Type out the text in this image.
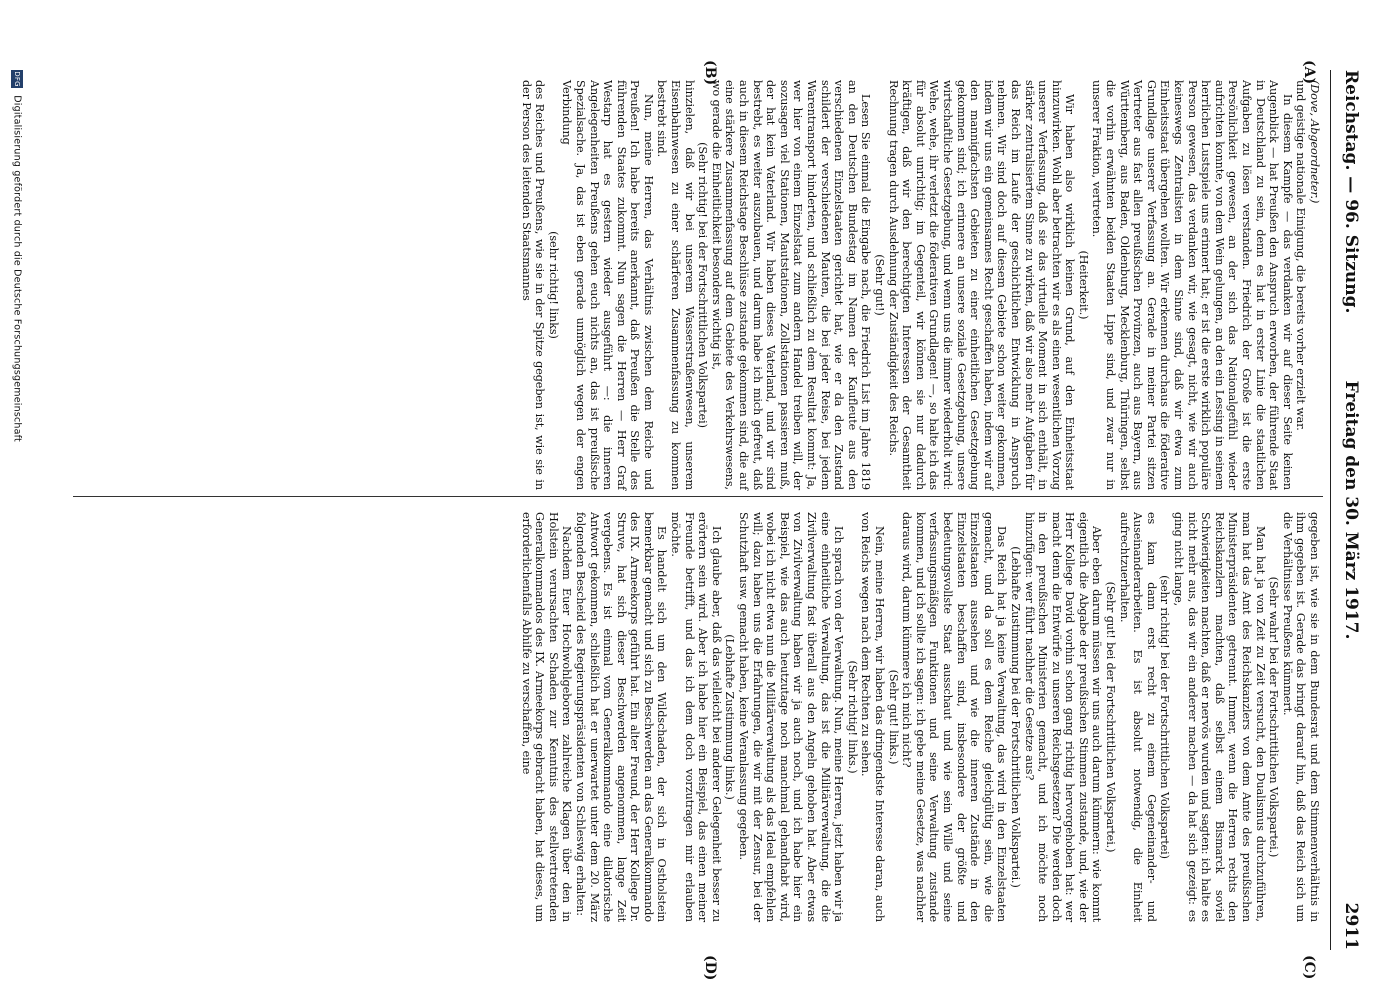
Reichstag. — 96. Sitzung.
Freitag den 30. März 1917.
2911
(A)
(B)
(C)
(D)

(Dove, Abgeordneter.)

und geistige nationale Einigung, die bereits vorher erzielt war.

In diesem Kampfe — das verdanken wir auf dieser Seite keinen Augenblick — hat Preußen den Anspruch erworben, der führende Staat in Deutschland zu sein, denn es hat in erster Linie die staatlichen Aufgaben zu lösen verstanden. Friedrich der Große ist die erste Persönlichkeit gewesen, an der sich das Nationalgefühl wieder aufrichten konnte, von dem Wein gelungen, an den ein Lessing in seinem herrlichen Lustspiele uns erinnert hat; er ist die erste wirklich populäre Person gewesen, das verdanken wir, wie gesagt, nicht, wie wir auch keineswegs Zentralisten in dem Sinne sind, daß wir etwa zum Einheitsstaat übergehen wollten. Wir erkennen durchaus die föderative Grundlage unserer Verfassung an. Gerade in meiner Partei sitzen Vertreter aus fast allen preußischen Provinzen, auch aus Bayern, aus Württemberg, aus Baden, Oldenburg, Mecklenburg, Thüringen, selbst die vorhin erwähnten beiden Staaten Lippe sind, und zwar nur in unserer Fraktion, vertreten.

(Heiterkeit.)

Wir haben also wirklich keinen Grund, auf den Einheitsstaat hinzuwirken. Wohl aber betrachten wir es als einen wesentlichen Vorzug unserer Verfassung, daß sie das virtuelle Moment in sich enthält, in stärker zentralisiertem Sinne zu wirken, daß wir also mehr Aufgaben für das Reich im Laufe der geschichtlichen Entwicklung in Anspruch nehmen. Wir sind doch auf diesem Gebiete schon weiter gekommen, indem wir uns ein gemeinsames Recht geschaffen haben, indem wir auf den mannigfachsten Gebieten zu einer einheitlichen Gesetzgebung gekommen sind; ich erinnere an unsere soziale Gesetzgebung, unsere wirtschaftliche Gesetzgebung, und wenn uns die immer wiederholt wird: Wehe, wehe, ihr verletzt die föderativen Grundlagen! —, so halte ich das für absolut unrichtig; im Gegenteil, wir können sie nur dadurch kräftigen, daß wir den berechtigten Interessen der Gesamtheit Rechnung tragen durch Ausdehnung der Zuständigkeit des Reichs.

(Sehr gut!)

Lesen Sie einmal die Eingabe nach, die Friedrich List im Jahre 1819 an den Deutschen Bundestag im Namen der Kaufleute aus den verschiedenen Einzelstaaten gerichtet hat, wie er da den Zustand schildert der verschiedenen Mauten, die bei jeder Reise, bei jedem Warentransport hinderten, und schließlich zu dem Resultat kommt: Ja, wer hier von einem Einzelstaat zum andern Handel treiben will, der sozusagen viel Stationen, Mautstationen, Zollstationen passieren muß, der hat kein Vaterland. Wir haben dieses Vaterland, und wir sind bestrebt, es weiter auszubauen, und darum habe ich mich gefreut, daß auch in diesem Reichstage Beschlüsse zustande gekommen sind, die auf eine stärkere Zusammenfassung auf dem Gebiete des Verkehrswesens, wo gerade die Einheitlichkeit besonders wichtig ist,

(Sehr richtig! bei der Fortschrittlichen Volkspartei)

hinzielen, daß wir bei unserem Wasserstraßenwesen, unserem Eisenbahnwesen zu einer schärferen Zusammenfassung zu kommen bestrebt sind.

Nun, meine Herren, das Verhältnis zwischen dem Reiche und Preußen! Ich habe bereits anerkannt, daß Preußen die Stelle des führenden Staates zukommt. Nun sagen die Herren — Herr Graf Westarp hat es gestern wieder ausgeführt —: die inneren Angelegenheiten Preußens gehen euch nichts an, das ist preußische Spezialsache. Ja, das ist eben gerade unmöglich wegen der engen Verbindung

(sehr richtig! links)

des Reiches und Preußens, wie sie in der Spitze gegeben ist, wie sie in der Person des leitenden Staatsmannes

gegeben ist, wie sie in dem Bundesrat und dem Stimmenverhältnis in ihm gegeben ist. Gerade das bringt darauf hin, daß das Reich sich um die Verhältnisse Preußens kümmert.

(Sehr wahr! bei der Fortschrittlichen Volkspartei.)

Man hat ja von Zeit zu Zeit versucht, den Dualismus durchzuführen, man hat das Amt des Reichskanzlers von dem Amte des preußischen Ministerpräsidenten getrennt. Immer, wenn die Herren rechts den Reichskanzlern machten, daß selbst einem Bismarck soviel Schwierigkeiten machten, daß er nervös wurden und sagten: ich halte es nicht mehr aus, das wir ein anderer machen — da hat sich gezeigt: es ging nicht lange,

(sehr richtig! bei der Fortschrittlichen Volkspartei)

es kam dann erst recht zu einem Gegeneinander- und Auseinanderarbeiten. Es ist absolut notwendig, die Einheit aufrechtzuerhalten.

(Sehr gut! bei der Fortschrittlichen Volkspartei.)

Aber eben darum müssen wir uns auch darum kümmern: wie kommt eigentlich die Abgabe der preußischen Stimmen zustande, und, wie der Herr Kollege David vorhin schon gang richtig hervorgehoben hat: wer macht denn die Entwürfe zu unseren Reichsgesetzen? Die werden doch in den preußischen Ministerien gemacht, und ich möchte noch hinzufügen: wer führt nachher die Gesetze aus?

(Lebhafte Zustimmung bei der Fortschrittlichen Volkspartei.)

Das Reich hat ja keine Verwaltung, das wird in den Einzelstaaten gemacht, und da soll es dem Reiche gleichgültig sein, wie die Einzelstaaten aussehen und wie die inneren Zustände in den Einzelstaaten beschaffen sind, insbesondere der größte und bedeutungsvollste Staat ausschaut und wie sein Wille und seine verfassungsmäßigen Funktionen und seine Verwaltung zustande kommen, und ich sollte ich sagen: ich gebe meine Gesetze, was nachher daraus wird, darum kümmere ich mich nicht?

(Sehr gut! links.)

Nein, meine Herren, wir haben das dringendste Interesse daran, auch von Reichs wegen nach dem Rechten zu sehen.

(Sehr richtig! links.)

Ich sprach von der Verwaltung. Nun, meine Herren, jetzt haben wir ja eine einheitliche Verwaltung, das ist die Militärverwaltung, die die Zivilverwaltung fast überall aus den Angeln gehoben hat. Aber etwas von Zivilverwaltung haben wir ja auch noch, und ich habe hier ein Beispiel, wie das auch heutzutage noch manchmal gehandhabt wird, wobei ich nicht etwa nun die Militärverwaltung als das Ideal empfehlen will; dazu haben uns die Erfahrungen, die wir mit der Zensur, bei der Schutzhaft usw. gemacht haben, keine Veranlassung gegeben.

(Lebhafte Zustimmung links.)

Ich glaube aber, daß das vielleicht bei anderer Gelegenheit besser zu erörtern sein wird. Aber ich habe hier ein Beispiel, das einen meiner Freunde betrifft, und das ich dem doch vorzutragen mir erlauben möchte.

Es handelt sich um den Wildschaden, der sich in Ostholstein bemerkbar gemacht und sich zu Beschwerden an das Generalkommando des IX. Armeekorps geführt hat. Ein alter Freund, der Herr Kollege Dr. Struve, hat sich dieser Beschwerden angenommen, lange Zeit vergebens. Es ist einmal vom Generalkommando eine dilatorische Antwort gekommen, schließlich hat er unerwartet unter dem 20. März folgenden Bescheid des Regierungspräsidenten von Schleswig erhalten:

Nachdem Euer Hochwohlgeboren zahlreiche Klagen über den in Holstein verursachten Schaden zur Kenntnis des stellvertretenden Generalkommandos des IX. Armeekorps gebracht haben, hat dieses, um erforderlichenfalls Abhilfe zu verschaffen, eine

DFG Digitalisierung gefördert durch die Deutsche Forschungsgemeinschaft
